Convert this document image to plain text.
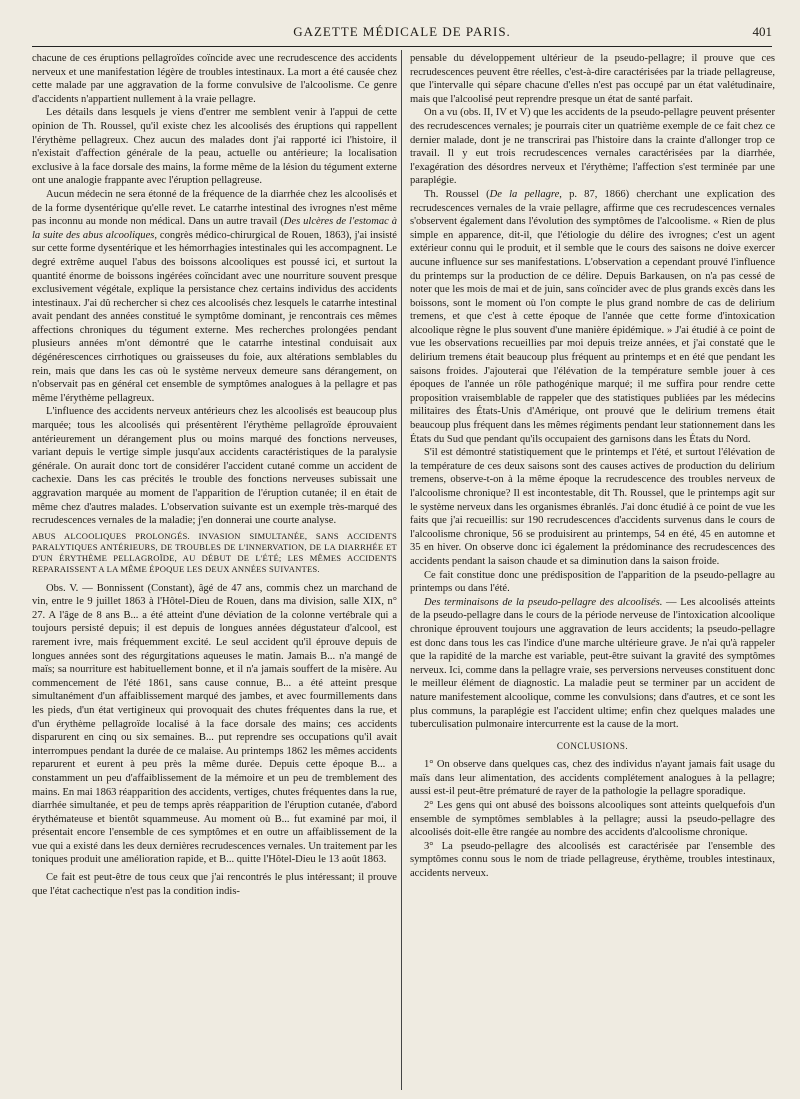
GAZETTE MÉDICALE DE PARIS.	401

chacune de ces éruptions pellagroïdes coïncide avec une recrudescence des accidents nerveux et une manifestation légère de troubles intestinaux. La mort a été causée chez cette malade par une aggravation de la forme convulsive de l'alcoolisme. Ce genre d'accidents n'appartient nullement à la vraie pellagre.

Les détails dans lesquels je viens d'entrer me semblent venir à l'appui de cette opinion de Th. Roussel, qu'il existe chez les alcoolisés des éruptions qui rappellent l'érythème pellagreux. Chez aucun des malades dont j'ai rapporté ici l'histoire, il n'existait d'affection générale de la peau, actuelle ou antérieure; la localisation exclusive à la face dorsale des mains, la forme même de la lésion du tégument externe ont une analogie frappante avec l'éruption pellagreuse.

Aucun médecin ne sera étonné de la fréquence de la diarrhée chez les alcoolisés et de la forme dysentérique qu'elle revet. Le catarrhe intestinal des ivrognes n'est même pas inconnu au monde non médical. Dans un autre travail (Des ulcères de l'estomac à la suite des abus alcooliques, congrès médico-chirurgical de Rouen, 1863), j'ai insisté sur cette forme dysentérique et les hémorrhagies intestinales qui les accompagnent. Le degré extrême auquel l'abus des boissons alcooliques est poussé ici, et surtout la quantité énorme de boissons ingérées coïncidant avec une nourriture souvent presque exclusivement végétale, explique la persistance chez certains individus des accidents intestinaux. J'ai dû rechercher si chez ces alcoolisés chez lesquels le catarrhe intestinal avait pendant des années constitué le symptôme dominant, je rencontrais ces mêmes affections chroniques du tégument externe. Mes recherches prolongées pendant plusieurs années m'ont démontré que le catarrhe intestinal conduisait aux dégénérescences cirrhotiques ou graisseuses du foie, aux altérations semblables du rein, mais que dans les cas où le système nerveux demeure sans dérangement, on n'observait pas en général cet ensemble de symptômes analogues à la pellagre et pas même l'érythème pellagreux.

L'influence des accidents nerveux antérieurs chez les alcoolisés est beaucoup plus marquée; tous les alcoolisés qui présentèrent l'érythème pellagroïde éprouvaient antérieurement un dérangement plus ou moins marqué des fonctions nerveuses, variant depuis le vertige simple jusqu'aux accidents caractéristiques de la paralysie générale. On aurait donc tort de considérer l'accident cutané comme un accident de cachexie. Dans les cas précités le trouble des fonctions nerveuses subissait une aggravation marquée au moment de l'apparition de l'éruption cutanée; il en était de même chez d'autres malades. L'observation suivante est un exemple très-marqué des recrudescences vernales de la maladie; j'en donnerai une courte analyse.

ABUS ALCOOLIQUES PROLONGÉS. INVASION SIMULTANÉE, SANS ACCIDENTS PARALYTIQUES ANTÉRIEURS, DE TROUBLES DE L'INNERVATION, DE LA DIARRHÉE ET D'UN ÉRYTHÈME PELLAGROÏDE, AU DÉBUT DE L'ÉTÉ; LES MÊMES ACCIDENTS REPARAISSENT A LA MÊME ÉPOQUE LES DEUX ANNÉES SUIVANTES.

Obs. V. — Bonnissent (Constant), âgé de 47 ans, commis chez un marchand de vin, entre le 9 juillet 1863 à l'Hôtel-Dieu de Rouen, dans ma division, salle XIX, n° 27. A l'âge de 8 ans B... a été atteint d'une déviation de la colonne vertébrale qui a toujours persisté depuis; il est depuis de longues années dégustateur d'alcool, est rarement ivre, mais fréquemment excité. Le seul accident qu'il éprouve depuis de longues années sont des régurgitations aqueuses le matin. Jamais B... n'a mangé de maïs; sa nourriture est habituellement bonne, et il n'a jamais souffert de la misère. Au commencement de l'été 1861, sans cause connue, B... a été atteint presque simultanément d'un affaiblissement marqué des jambes, et avec fourmillements dans les pieds, d'un état vertigineux qui provoquait des chutes fréquentes dans la rue, et d'un érythème pellagroïde localisé à la face dorsale des mains; ces accidents disparurent en cinq ou six semaines. B... put reprendre ses occupations qu'il avait interrompues pendant la durée de ce malaise. Au printemps 1862 les mêmes accidents reparurent et eurent à peu près la même durée. Depuis cette époque B... a constamment un peu d'affaiblissement de la mémoire et un peu de tremblement des mains. En mai 1863 réapparition des accidents, vertiges, chutes fréquentes dans la rue, diarrhée simultanée, et peu de temps après réapparition de l'éruption cutanée, d'abord érythémateuse et bientôt squammeuse. Au moment où B... fut examiné par moi, il présentait encore l'ensemble de ces symptômes et en outre un affaiblissement de la vue qui a existé dans les deux dernières recrudescences vernales. Un traitement par les toniques produit une amélioration rapide, et B... quitte l'Hôtel-Dieu le 13 août 1863.

Ce fait est peut-être de tous ceux que j'ai rencontrés le plus intéressant; il prouve que l'état cachectique n'est pas la condition indis-

pensable du développement ultérieur de la pseudo-pellagre; il prouve que ces recrudescences peuvent être réelles, c'est-à-dire caractérisées par la triade pellagreuse, que l'intervalle qui sépare chacune d'elles n'est pas occupé par un état valétudinaire, mais que l'alcoolisé peut reprendre presque un état de santé parfait.

On a vu (obs. II, IV et V) que les accidents de la pseudo-pellagre peuvent présenter des recrudescences vernales; je pourrais citer un quatrième exemple de ce fait chez ce dernier malade, dont je ne transcrirai pas l'histoire dans la crainte d'allonger trop ce travail. Il y eut trois recrudescences vernales caractérisées par la diarrhée, l'exagération des désordres nerveux et l'érythème; l'affection s'est terminée par une paraplégie.

Th. Roussel (De la pellagre, p. 87, 1866) cherchant une explication des recrudescences vernales de la vraie pellagre, affirme que ces recrudescences vernales s'observent également dans l'évolution des symptômes de l'alcoolisme. « Rien de plus simple en apparence, dit-il, que l'étiologie du délire des ivrognes; c'est un agent extérieur connu qui le produit, et il semble que le cours des saisons ne doive exercer aucune influence sur ses manifestations. L'observation a cependant prouvé l'influence du printemps sur la production de ce délire. Depuis Barkausen, on n'a pas cessé de noter que les mois de mai et de juin, sans coïncider avec de plus grands excès dans les boissons, sont le moment où l'on compte le plus grand nombre de cas de delirium tremens, et que c'est à cette époque de l'année que cette forme d'intoxication alcoolique règne le plus souvent d'une manière épidémique. » J'ai étudié à ce point de vue les observations recueillies par moi depuis treize années, et j'ai constaté que le delirium tremens était beaucoup plus fréquent au printemps et en été que pendant les saisons froides. J'ajouterai que l'élévation de la température semble jouer à ces époques de l'année un rôle pathogénique marqué; il me suffira pour rendre cette proposition vraisemblable de rappeler que des statistiques publiées par les médecins militaires des États-Unis d'Amérique, ont prouvé que le delirium tremens était beaucoup plus fréquent dans les mêmes régiments pendant leur stationnement dans les États du Sud que pendant qu'ils occupaient des garnisons dans les États du Nord.

S'il est démontré statistiquement que le printemps et l'été, et surtout l'élévation de la température de ces deux saisons sont des causes actives de production du delirium tremens, observe-t-on à la même époque la recrudescence des troubles nerveux de l'alcoolisme chronique? Il est incontestable, dit Th. Roussel, que le printemps agit sur le système nerveux dans les organismes ébranlés. J'ai donc étudié à ce point de vue les faits que j'ai recueillis: sur 190 recrudescences d'accidents survenus dans le cours de l'alcoolisme chronique, 56 se produisirent au printemps, 54 en été, 45 en automne et 35 en hiver. On observe donc ici également la prédominance des recrudescences des accidents pendant la saison chaude et sa diminution dans la saison froide.

Ce fait constitue donc une prédisposition de l'apparition de la pseudo-pellagre au printemps ou dans l'été.

Des terminaisons de la pseudo-pellagre des alcoolisés. — Les alcoolisés atteints de la pseudo-pellagre dans le cours de la période nerveuse de l'intoxication alcoolique chronique éprouvent toujours une aggravation de leurs accidents; la pseudo-pellagre est donc dans tous les cas l'indice d'une marche ultérieure grave. Je n'ai qu'à rappeler que la rapidité de la marche est variable, peut-être suivant la gravité des symptômes nerveux. Ici, comme dans la pellagre vraie, ses perversions nerveuses constituent donc le meilleur élément de diagnostic. La maladie peut se terminer par un accident de nature manifestement alcoolique, comme les convulsions; dans d'autres, et ce sont les plus communs, la paraplégie est l'accident ultime; enfin chez quelques malades une tuberculisation pulmonaire intercurrente est la cause de la mort.

CONCLUSIONS.

1° On observe dans quelques cas, chez des individus n'ayant jamais fait usage du maïs dans leur alimentation, des accidents complétement analogues à la pellagre; aussi est-il peut-être prématuré de rayer de la pathologie la pellagre sporadique.

2° Les gens qui ont abusé des boissons alcooliques sont atteints quelquefois d'un ensemble de symptômes semblables à la pellagre; aussi la pseudo-pellagre des alcoolisés doit-elle être rangée au nombre des accidents d'alcoolisme chronique.

3° La pseudo-pellagre des alcoolisés est caractérisée par l'ensemble des symptômes connu sous le nom de triade pellagreuse, érythème, troubles intestinaux, accidents nerveux.
